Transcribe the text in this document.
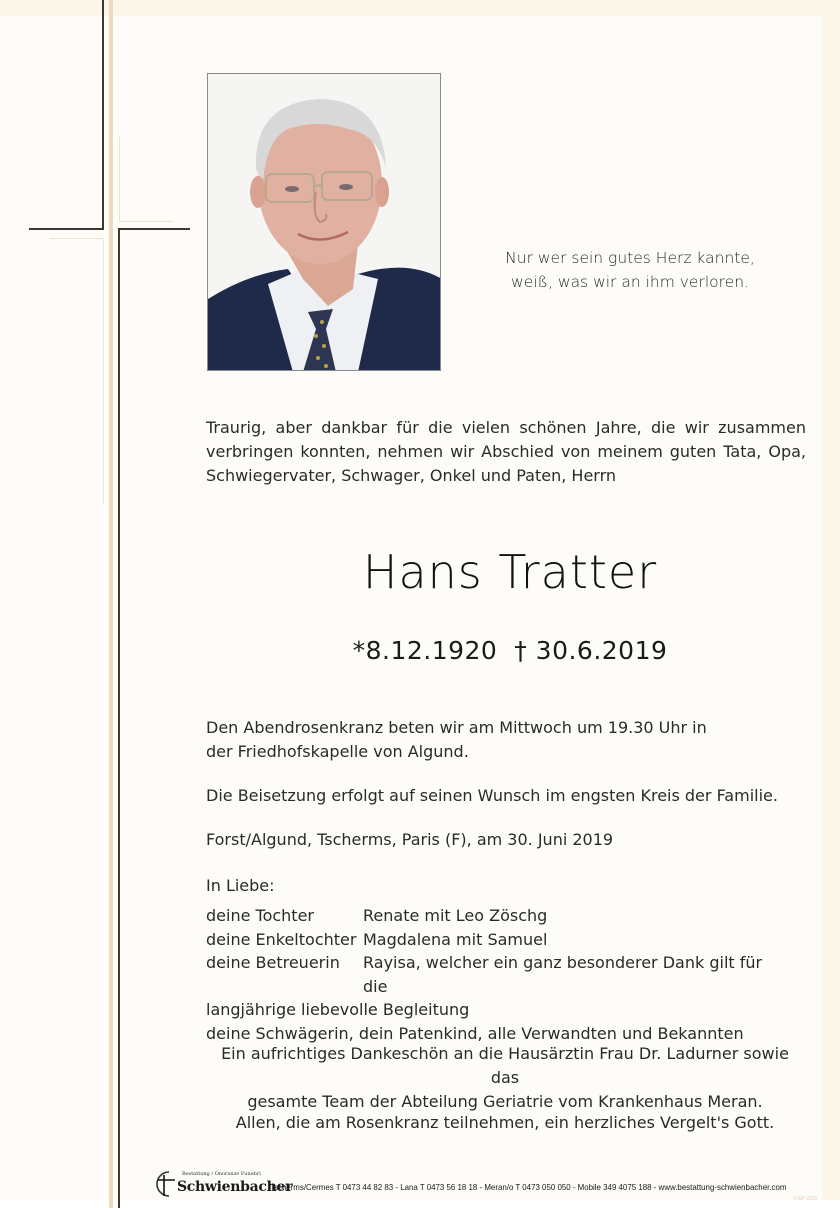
Nur wer sein gutes Herz kannte,
weiß, was wir an ihm verloren.
Traurig, aber dankbar für die vielen schönen Jahre, die wir zusammen verbringen konnten, nehmen wir Abschied von meinem guten Tata, Opa, Schwiegervater, Schwager, Onkel und Paten, Herrn
Hans Tratter
*8.12.1920  † 30.6.2019
Den Abendrosenkranz beten wir am Mittwoch um 19.30 Uhr in der Friedhofskapelle von Algund.
Die Beisetzung erfolgt auf seinen Wunsch im engsten Kreis der Familie.
Forst/Algund, Tscherms, Paris (F), am 30. Juni 2019
In Liebe:
deine Tochter	Renate mit Leo Zöschg
deine Enkeltochter Magdalena mit Samuel
deine Betreuerin	Rayisa, welcher ein ganz besonderer Dank gilt für die
langjährige liebevolle Begleitung
deine Schwägerin, dein Patenkind, alle Verwandten und Bekannten
Ein aufrichtiges Dankeschön an die Hausärztin Frau Dr. Ladurner sowie das
gesamte Team der Abteilung Geriatrie vom Krankenhaus Meran.
Allen, die am Rosenkranz teilnehmen, ein herzliches Vergelt's Gott.
Bestattung / Onoranze Funebri
Schwienbacher
Tscherms/Cermes T 0473 44 82 83 - Lana T 0473 56 18 18 - Meran/o T 0473 050 050 - Mobile 349 4075 188 - www.bestattung-schwienbacher.com
© EP 0120
